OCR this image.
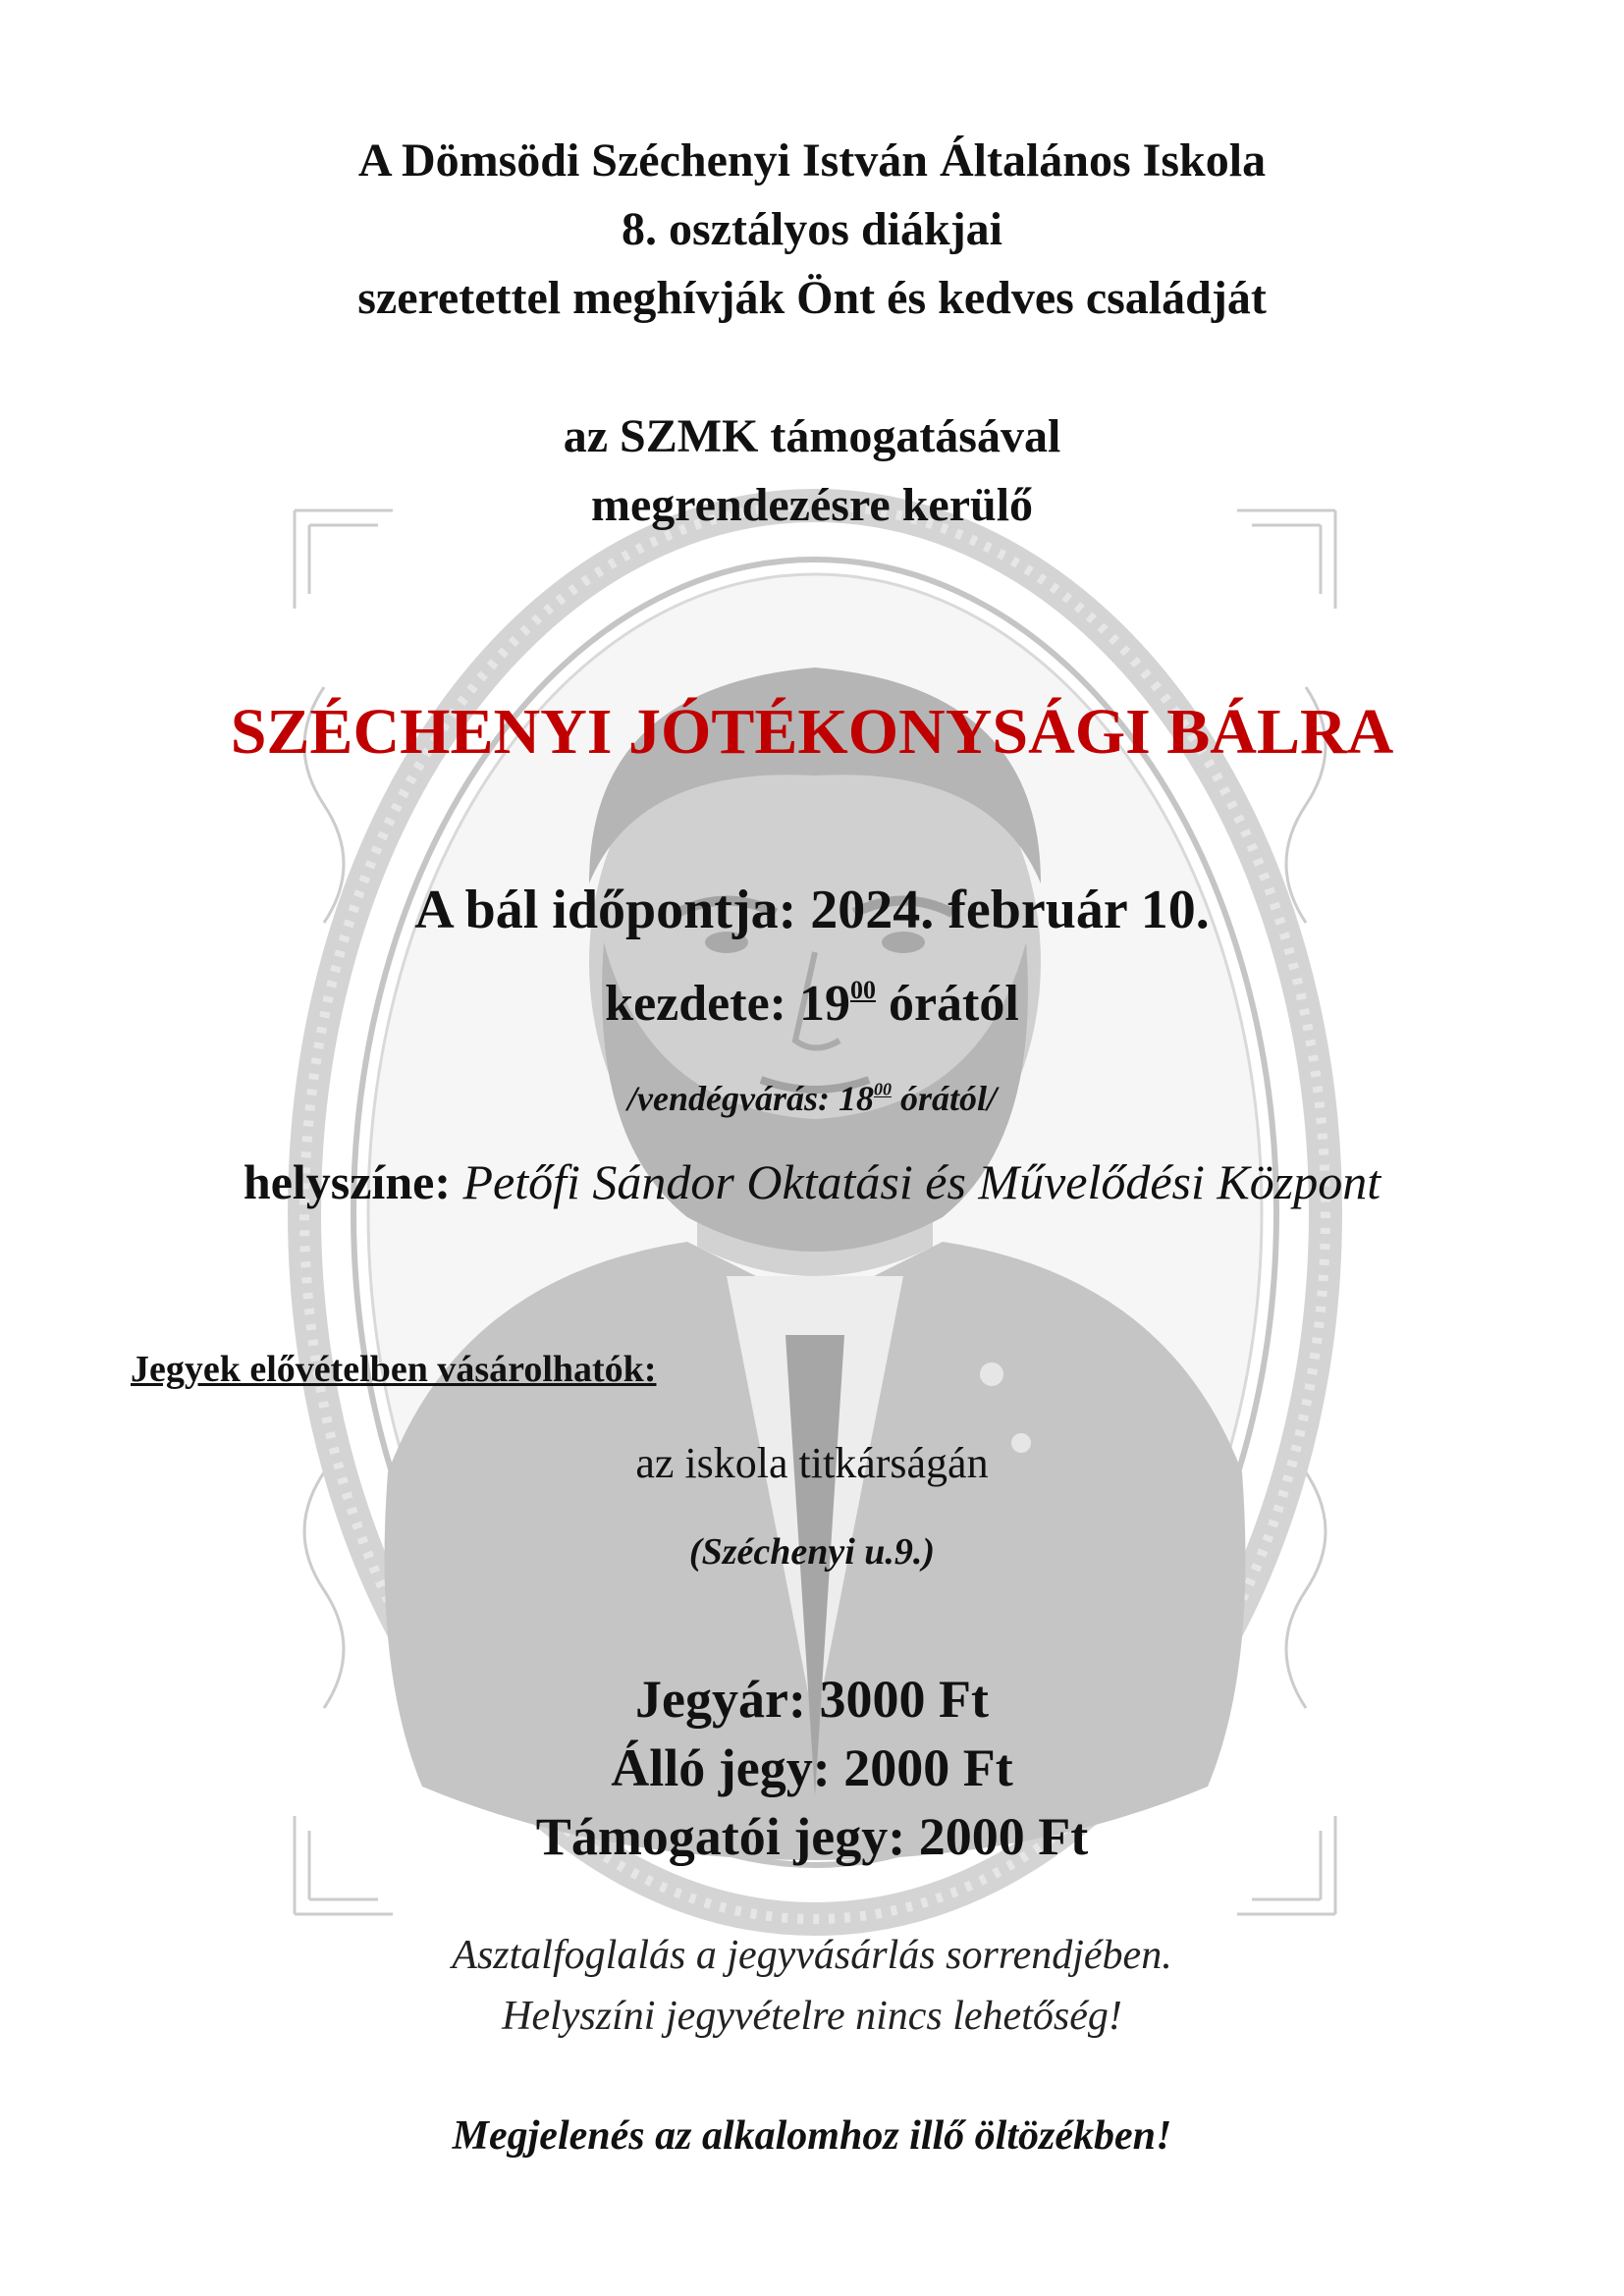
A Dömsödi Széchenyi István Általános Iskola
8. osztályos diákjai
szeretettel meghívják Önt és kedves családját
az SZMK támogatásával
megrendezésre kerülő
SZÉCHENYI JÓTÉKONYSÁGI BÁLRA
A bál időpontja: 2024. február 10.
kezdete: $19^{00}$ órától
/vendégvárás: $18^{00}$ órától/
helyszíne: Petőfi Sándor Oktatási és Művelődési Központ
Jegyek elővételben vásárolhatók:
az iskola titkárságán
(Széchenyi u.9.)
Jegyár: 3000 Ft
Álló jegy: 2000 Ft
Támogatói jegy: 2000 Ft
Asztalfoglalás a jegyvásárlás sorrendjében.
Helyszíni jegyvételre nincs lehetőség!
Megjelenés az alkalomhoz illő öltözékben!
